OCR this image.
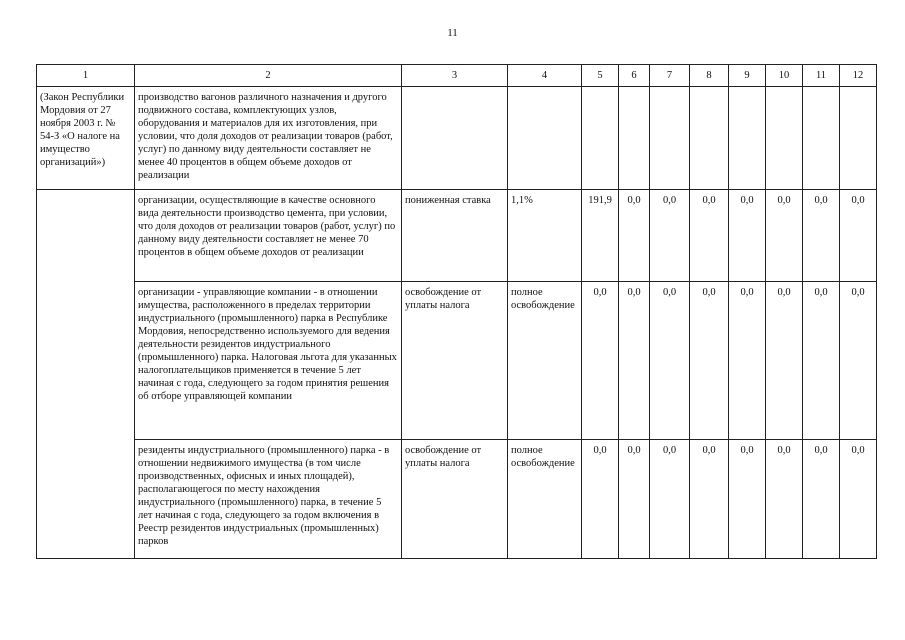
11
1	2	3	4	5	6	7	8	9	10	11	12
(Закон Республики Мордовия от 27 ноября 2003 г. № 54-З «О налоге на имущество организаций»)	производство вагонов различного назначения и другого подвижного состава, комплектующих узлов, оборудования и материалов для их изготовления, при условии, что доля доходов от реализации товаров (работ, услуг) по данному виду деятельности составляет не менее 40 процентов в общем объеме доходов от реализации										
	организации, осуществляющие в качестве основного вида деятельности производство цемента, при условии, что доля доходов от реализации товаров (работ, услуг) по данному виду деятельности составляет не менее 70 процентов в общем объеме доходов от реализации	пониженная ставка	1,1%	191,9	0,0	0,0	0,0	0,0	0,0	0,0	0,0
	организации - управляющие компании - в отношении имущества, расположенного в пределах территории индустриального (промышленного) парка в Республике Мордовия, непосредственно используемого для ведения деятельности резидентов индустриального (промышленного) парка. Налоговая льгота для указанных налогоплательщиков применяется в течение 5 лет начиная с года, следующего за годом принятия решения об отборе управляющей компании	освобождение от уплаты налога	полное освобождение	0,0	0,0	0,0	0,0	0,0	0,0	0,0	0,0
	резиденты индустриального (промышленного) парка - в отношении недвижимого имущества (в том числе производственных, офисных и иных площадей), располагающегося по месту нахождения индустриального (промышленного) парка, в течение 5 лет начиная с года, следующего за годом включения в Реестр резидентов индустриальных (промышленных) парков	освобождение от уплаты налога	полное освобождение	0,0	0,0	0,0	0,0	0,0	0,0	0,0	0,0
